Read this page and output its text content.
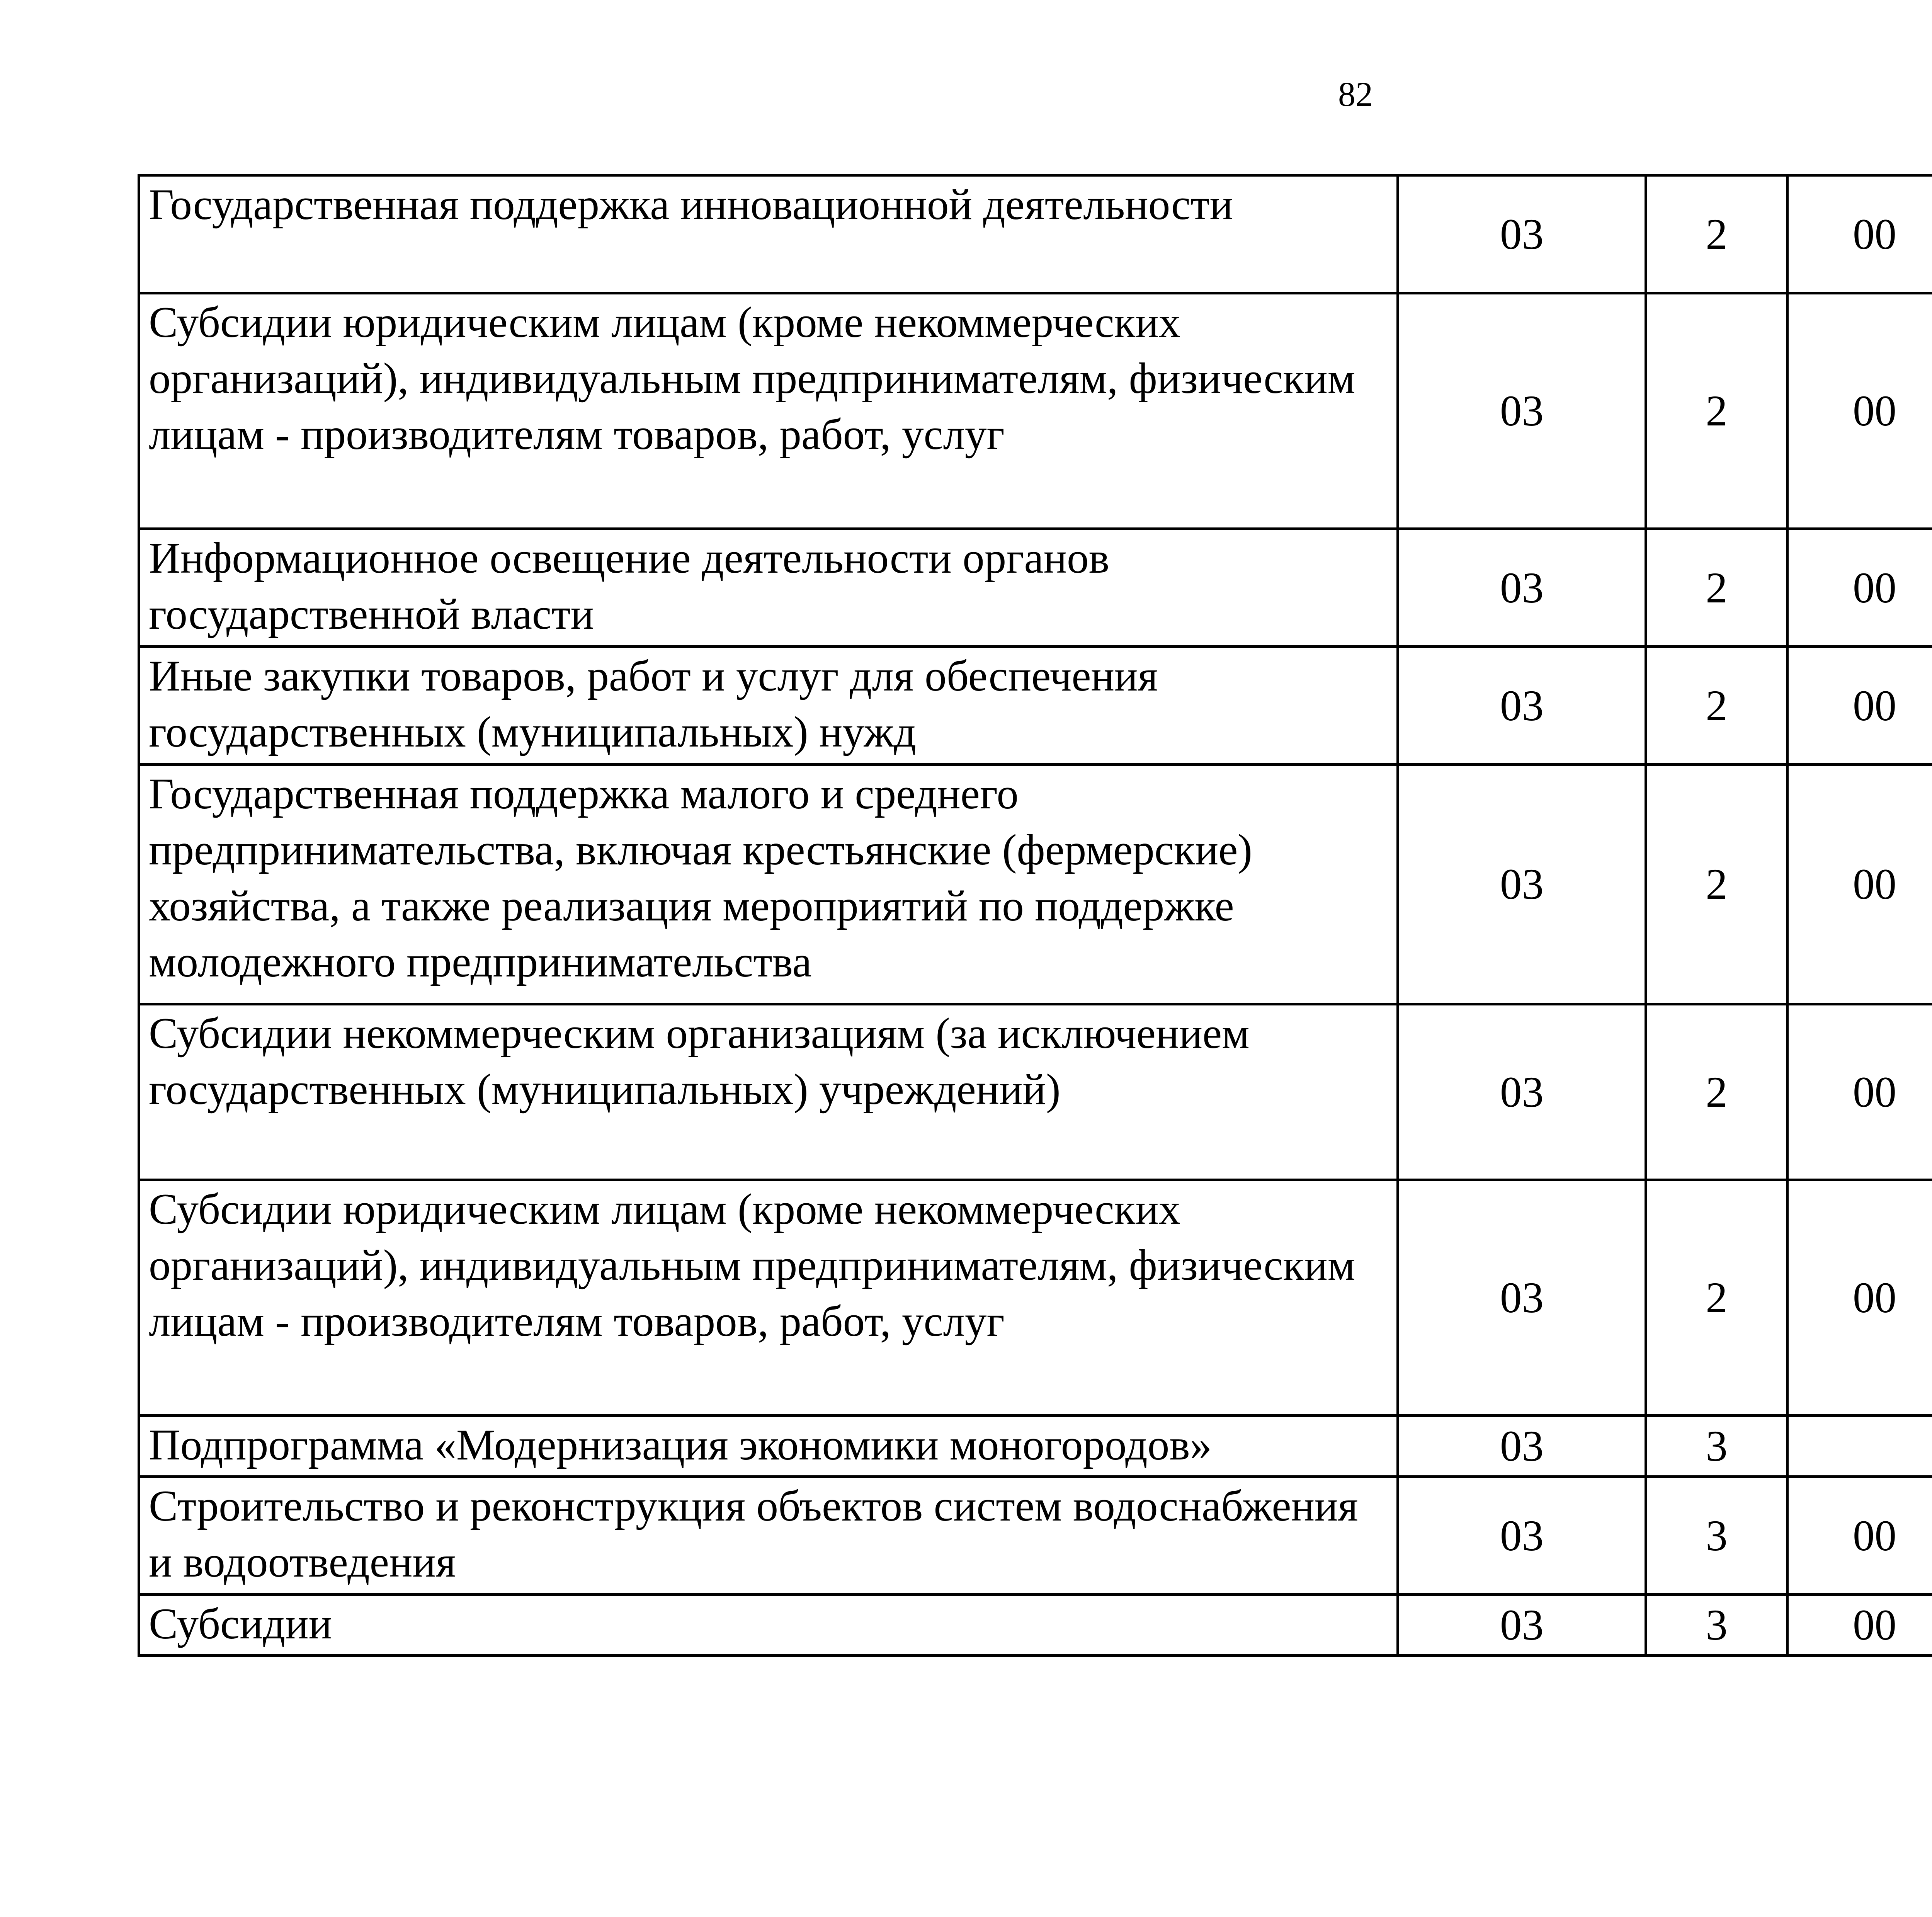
82
Государственная поддержка инновационной деятельности	03	2	00			
Субсидии юридическим лицам (кроме некоммерческих организаций), индивидуальным предпринимателям, физическим лицам - производителям товаров, работ, услуг	03	2	00			
Информационное освещение деятельности органов государственной власти	03	2	00			
Иные закупки товаров, работ и услуг для обеспечения государственных (муниципальных) нужд	03	2	00			
Государственная поддержка малого и среднего предпринимательства, включая крестьянские (фермерские) хозяйства, а также реализация мероприятий по поддержке молодежного предпринимательства	03	2	00			
Субсидии некоммерческим организациям (за исключением государственных (муниципальных) учреждений)	03	2	00			
Субсидии юридическим лицам (кроме некоммерческих организаций), индивидуальным предпринимателям, физическим лицам - производителям товаров, работ, услуг	03	2	00			
Подпрограмма «Модернизация экономики моногородов»	03	3				
Строительство и реконструкция объектов систем водоснабжения и водоотведения	03	3	00			
Субсидии	03	3	00			
